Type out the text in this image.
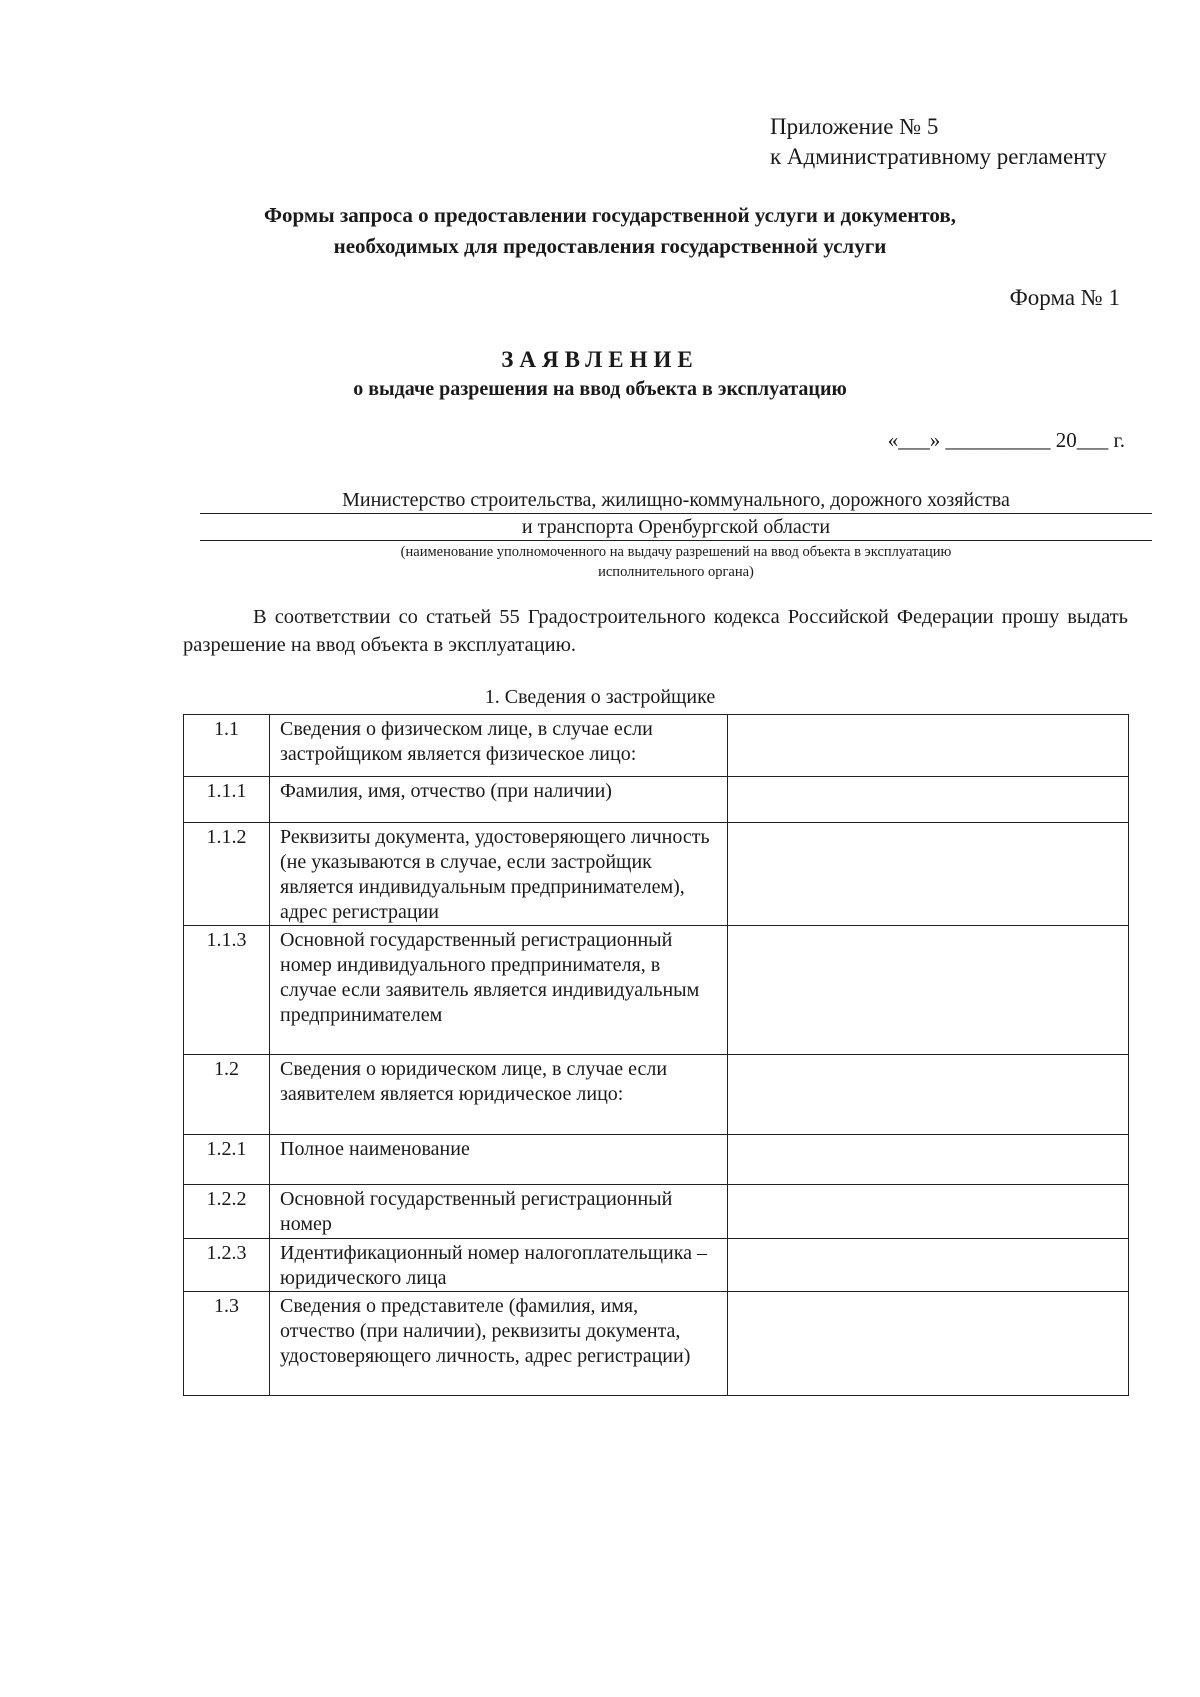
Приложение № 5
к Административному регламенту
Формы запроса о предоставлении государственной услуги и документов,
необходимых для предоставления государственной услуги
Форма № 1
ЗАЯВЛЕНИЕ
о выдаче разрешения на ввод объекта в эксплуатацию
«___» __________ 20___ г.
Министерство строительства, жилищно-коммунального, дорожного хозяйства
и транспорта Оренбургской области
(наименование уполномоченного на выдачу разрешений на ввод объекта в эксплуатацию
исполнительного органа)
В соответствии со статьей 55 Градостроительного кодекса Российской Федерации прошу выдать разрешение на ввод объекта в эксплуатацию.
1. Сведения о застройщике
1.1	Сведения о физическом лице, в случае если застройщиком является физическое лицо:	
1.1.1	Фамилия, имя, отчество (при наличии)	
1.1.2	Реквизиты документа, удостоверяющего личность (не указываются в случае, если застройщик является индивидуальным предпринимателем), адрес регистрации	
1.1.3	Основной государственный регистрационный номер индивидуального предпринимателя, в случае если заявитель является индивидуальным предпринимателем	
1.2	Сведения о юридическом лице, в случае если заявителем является юридическое лицо:	
1.2.1	Полное наименование	
1.2.2	Основной государственный регистрационный номер	
1.2.3	Идентификационный номер налогоплательщика – юридического лица	
1.3	Сведения о представителе (фамилия, имя, отчество (при наличии), реквизиты документа, удостоверяющего личность, адрес регистрации)	
